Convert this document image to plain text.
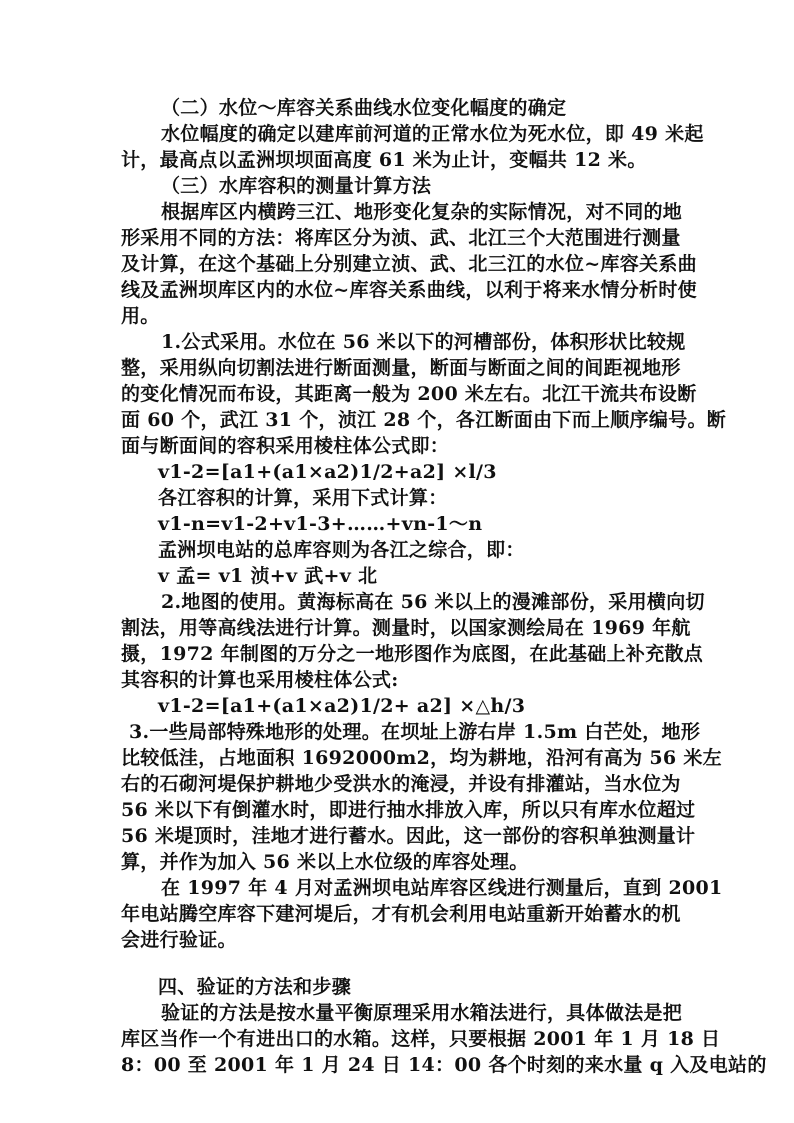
（二）水位～库容关系曲线水位变化幅度的确定
水位幅度的确定以建库前河道的正常水位为死水位，即 49 米起
计，最高点以孟洲坝坝面高度 61 米为止计，变幅共 12 米。
（三）水库容积的测量计算方法
根据库区内横跨三江、地形变化复杂的实际情况，对不同的地
形采用不同的方法：将库区分为浈、武、北江三个大范围进行测量
及计算，在这个基础上分别建立浈、武、北三江的水位~库容关系曲
线及孟洲坝库区内的水位~库容关系曲线，以利于将来水情分析时使
用。
1.公式采用。水位在 56 米以下的河槽部份，体积形状比较规
整，采用纵向切割法进行断面测量，断面与断面之间的间距视地形
的变化情况而布设，其距离一般为 200 米左右。北江干流共布设断
面 60 个，武江 31 个，浈江 28 个，各江断面由下而上顺序编号。断
面与断面间的容积采用棱柱体公式即：
v1-2=[a1+(a1×a2)1/2+a2] ×l/3
各江容积的计算，采用下式计算：
v1-n=v1-2+v1-3+……+vn-1～n
孟洲坝电站的总库容则为各江之综合，即：
v 孟= v1 浈+v 武+v 北
2.地图的使用。黄海标高在 56 米以上的漫滩部份，采用横向切
割法，用等高线法进行计算。测量时，以国家测绘局在 1969 年航
摄，1972 年制图的万分之一地形图作为底图，在此基础上补充散点
其容积的计算也采用棱柱体公式:
v1-2=[a1+(a1×a2)1/2+ a2] ×△h/3
3.一些局部特殊地形的处理。在坝址上游右岸 1.5m 白芒处，地形
比较低洼，占地面积 1692000m2，均为耕地，沿河有高为 56 米左
右的石砌河堤保护耕地少受洪水的淹浸，并设有排灌站，当水位为
56 米以下有倒灌水时，即进行抽水排放入库，所以只有库水位超过
56 米堤顶时，洼地才进行蓄水。因此，这一部份的容积单独测量计
算，并作为加入 56 米以上水位级的库容处理。
在 1997 年 4 月对孟洲坝电站库容区线进行测量后，直到 2001
年电站腾空库容下建河堤后，才有机会利用电站重新开始蓄水的机
会进行验证。
四、验证的方法和步骤
验证的方法是按水量平衡原理采用水箱法进行，具体做法是把
库区当作一个有进出口的水箱。这样，只要根据 2001 年 1 月 18 日
8：00 至 2001 年 1 月 24 日 14：00 各个时刻的来水量 q 入及电站的
